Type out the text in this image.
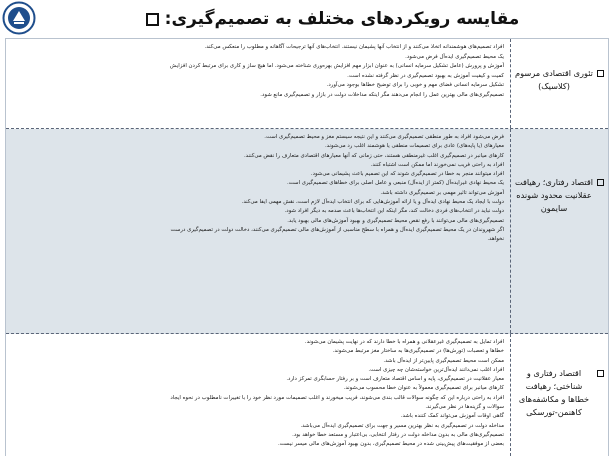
مقایسه رویکردهای مختلف به تصمیم‌گیری:
تئوری اقتصادی مرسوم (کلاسیک)

افراد تصمیم‌های هوشمندانه اتخاذ می‌کنند و از انتخاب آنها پشیمان نیستند. انتخاب‌های آنها ترجیحات آگاهانه و مطلوب را منعکس می‌کند.

یک محیط تصمیم‌گیری ایده‌آل فرض می‌شود.

آموزش و پرورش (عامل تشکیل سرمایه انسانی) به عنوان ابزار مهم افزایش بهره‌وری شناخته می‌شود. اما هیچ ساز و کاری برای مرتبط کردن افزایش

کمیت و کیفیت آموزش به بهبود تصمیم‌گیری در نظر گرفته نشده است.

تشکیل سرمایه انسانی فضای مهم و خوبی را برای توضیح خطاها بوجود می‌آورد.

تصمیم‌گیری‌های مالی بهترین عمل را انجام می‌دهند مگر اینکه مداخلات دولت در بازار و تصمیم‌گیری مانع شود.

اقتصاد رفتاری؛ رهیافت عقلانیت محدود شونده سایمون

فرض می‌شود افراد به طور منطقی تصمیم‌گیری می‌کنند و این نتیجه سیستم مغز و محیط تصمیم‌گیری است.

معیارهای (یا پایه‌های) عادی برای تصمیمات منطقی یا هوشمند اغلب رد می‌شوند.

کارهای میانبر در تصمیم‌گیری اغلب غیرمنطقی هستند، حتی زمانی که آنها معیارهای اقتصادی متعارف را نقض می‌کنند.

افراد به راحتی فریب نمی‌خورند اما ممکن است اشتباه کنند.

افراد میتوانند منجر به خطا در تصمیم‌گیری شوند که این تصمیم باعث پشیمانی می‌شود.

یک محیط نهادی غیرایده‌آل (کمتر از ایده‌آل) منبعی و عامل اصلی برای خطاهای تصمیم‌گیری است.

آموزش می‌تواند تاثیر مهمی بر تصمیم‌گیری داشته باشد.

دولت با ایجاد یک محیط نهادی ایده‌آل و یا ارائه آموزش‌هایی که برای انتخاب ایده‌آل لازم است، نقش مهمی ایفا می‌کند.

دولت نباید در انتخاب‌های فردی دخالت کند، مگر اینکه این انتخاب‌ها باعث صدمه به دیگر افراد شود.

تصمیم‌گیری‌های مالی می‌توانند با رفع نقص محیط تصمیم‌گیری و بهبود آموزش‌های مالی بهبود یابد.

اگر شهروندان در یک محیط تصمیم‌گیری ایده‌آل و همراه با سطح مناسبی از آموزش‌های مالی تصمیم‌گیری می‌کنند، دخالت دولت در تصمیم‌گیری درست

نخواهد.

اقتصاد رفتاری و شناختی؛ رهیافت خطاها و مکاشفه‌های کاهنمن-تورسکی

افراد تمایل به تصمیم‌گیری غیرعقلانی و همراه با خطا دارند که در نهایت پشیمان می‌شوند.

خطاها و تعصبات (تورش‌ها) در تصمیم‌گیری‌ها به ساختار مغز مرتبط می‌شوند.

ممکن است محیط تصمیم‌گیری پایین‌تر از ایده‌آل باشد.

افراد اغلب نمی‌دانند ایده‌آل‌ترین خواسته‌شان چه چیزی است.

معیار عقلانیت در تصمیم‌گیری، پایه و اساس اقتصاد متعارف است و بر رفتار حسابگری تمرکز دارد.

کارهای میانبر برای تصمیم‌گیری معمولاً به عنوان خطا محسوب می‌شوند.

افراد به راحتی درباره این که چگونه سوالات قالب بندی می‌شوند، فریب میخورند و اغلب تصمیمات مورد نظر خود را با تغییرات نامطلوب در نحوه ایجاد

سوالات و گزینه‌ها در نظر می‌گیرند.

گاهی اوقات آموزش می‌تواند کمک کننده باشد.

مداخله دولت در تصمیم‌گیری به نظر بهترین مسیر و جهت برای تصمیم‌گیری ایده‌آل می‌باشد.

تصمیم‌گیری‌های مالی به بدون مداخله دولت در رفتار انتخابی، بی‌اعتبار و مستعد خطا خواهد بود.

بعضی از موفقیت‌های پیش‌بینی شده در محیط تصمیم‌گیری، بدون بهبود آموزش‌های مالی میسر نیست.
